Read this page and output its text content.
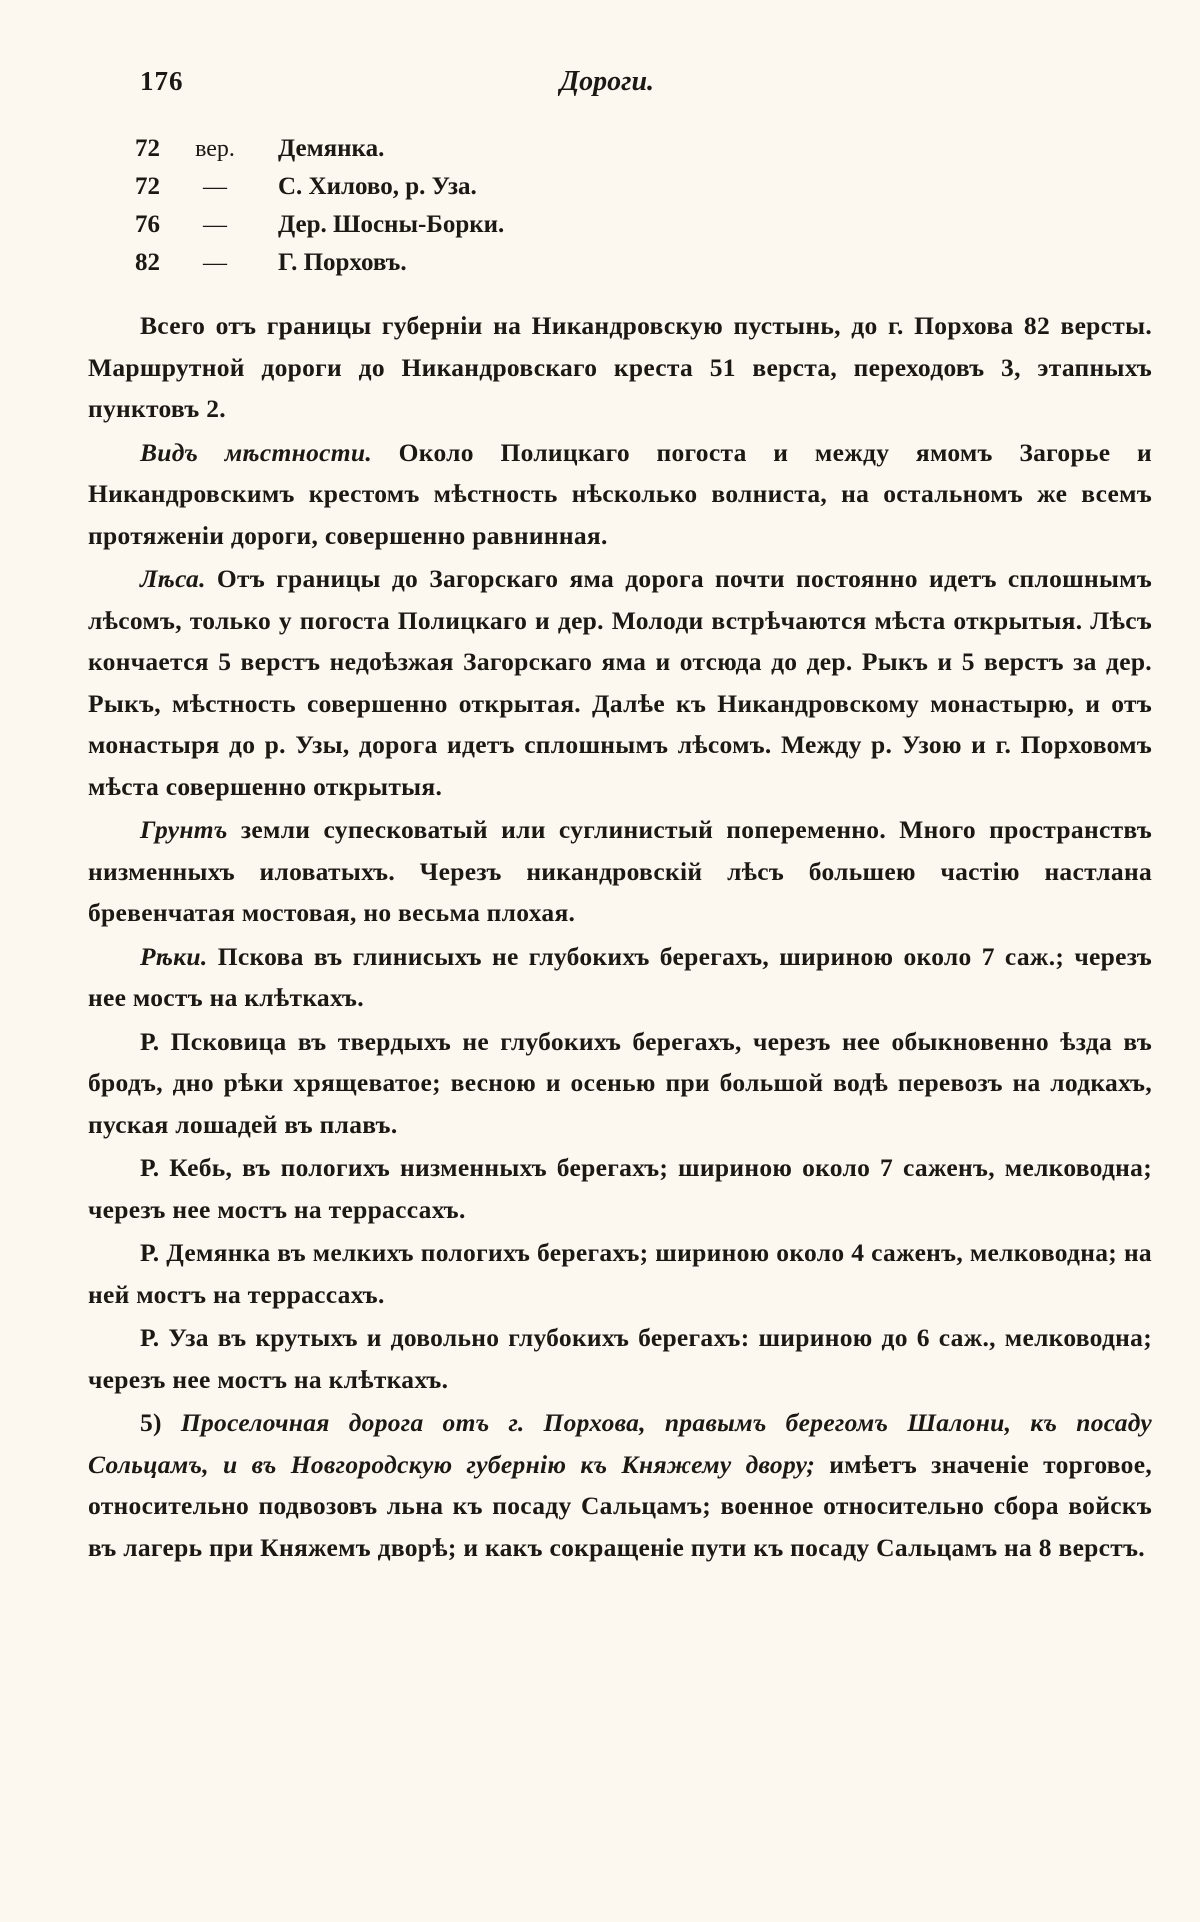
176	Дороги.
72	вер.	Демянка.
72	—	С. Хилово, р. Уза.
76	—	Дер. Шосны-Борки.
82	—	Г. Порховъ.

Всего отъ границы губерніи на Никандровскую пустынь, до г. Порхова 82 версты. Маршрутной дороги до Никандровскаго креста 51 верста, переходовъ 3, этапныхъ пунктовъ 2.

Видъ мѣстности. Около Полицкаго погоста и между ямомъ Загорье и Никандровскимъ крестомъ мѣстность нѣсколько волниста, на остальномъ же всемъ протяженіи дороги, совершенно равнинная.

Лѣса. Отъ границы до Загорскаго яма дорога почти постоянно идетъ сплошнымъ лѣсомъ, только у погоста Полицкаго и дер. Молоди встрѣчаются мѣста открытыя. Лѣсъ кончается 5 верстъ недоѣзжая Загорскаго яма и отсюда до дер. Рыкъ и 5 верстъ за дер. Рыкъ, мѣстность совершенно открытая. Далѣе къ Никандровскому монастырю, и отъ монастыря до р. Узы, дорога идетъ сплошнымъ лѣсомъ. Между р. Узою и г. Порховомъ мѣста совершенно открытыя.

Грунтъ земли супесковатый или суглинистый попеременно. Много пространствъ низменныхъ иловатыхъ. Черезъ никандровскій лѣсъ большею частію настлана бревенчатая мостовая, но весьма плохая.

Рѣки. Пскова въ глинисыхъ не глубокихъ берегахъ, шириною около 7 саж.; черезъ нее мостъ на клѣткахъ.

Р. Псковица въ твердыхъ не глубокихъ берегахъ, черезъ нее обыкновенно ѣзда въ бродъ, дно рѣки хрящеватое; весною и осенью при большой водѣ перевозъ на лодкахъ, пуская лошадей въ плавъ.

Р. Кебь, въ пологихъ низменныхъ берегахъ; шириною около 7 саженъ, мелководна; черезъ нее мостъ на террассахъ.

Р. Демянка въ мелкихъ пологихъ берегахъ; шириною около 4 саженъ, мелководна; на ней мостъ на террассахъ.

Р. Уза въ крутыхъ и довольно глубокихъ берегахъ: шириною до 6 саж., мелководна; черезъ нее мостъ на клѣткахъ.

5) Проселочная дорога отъ г. Порхова, правымъ берегомъ Шалони, къ посаду Сольцамъ, и въ Новгородскую губернію къ Княжему двору; имѣетъ значеніе торговое, относительно подвозовъ льна къ посаду Сальцамъ; военное относительно сбора войскъ въ лагерь при Княжемъ дворѣ; и какъ сокращеніе пути къ посаду Сальцамъ на 8 верстъ.
